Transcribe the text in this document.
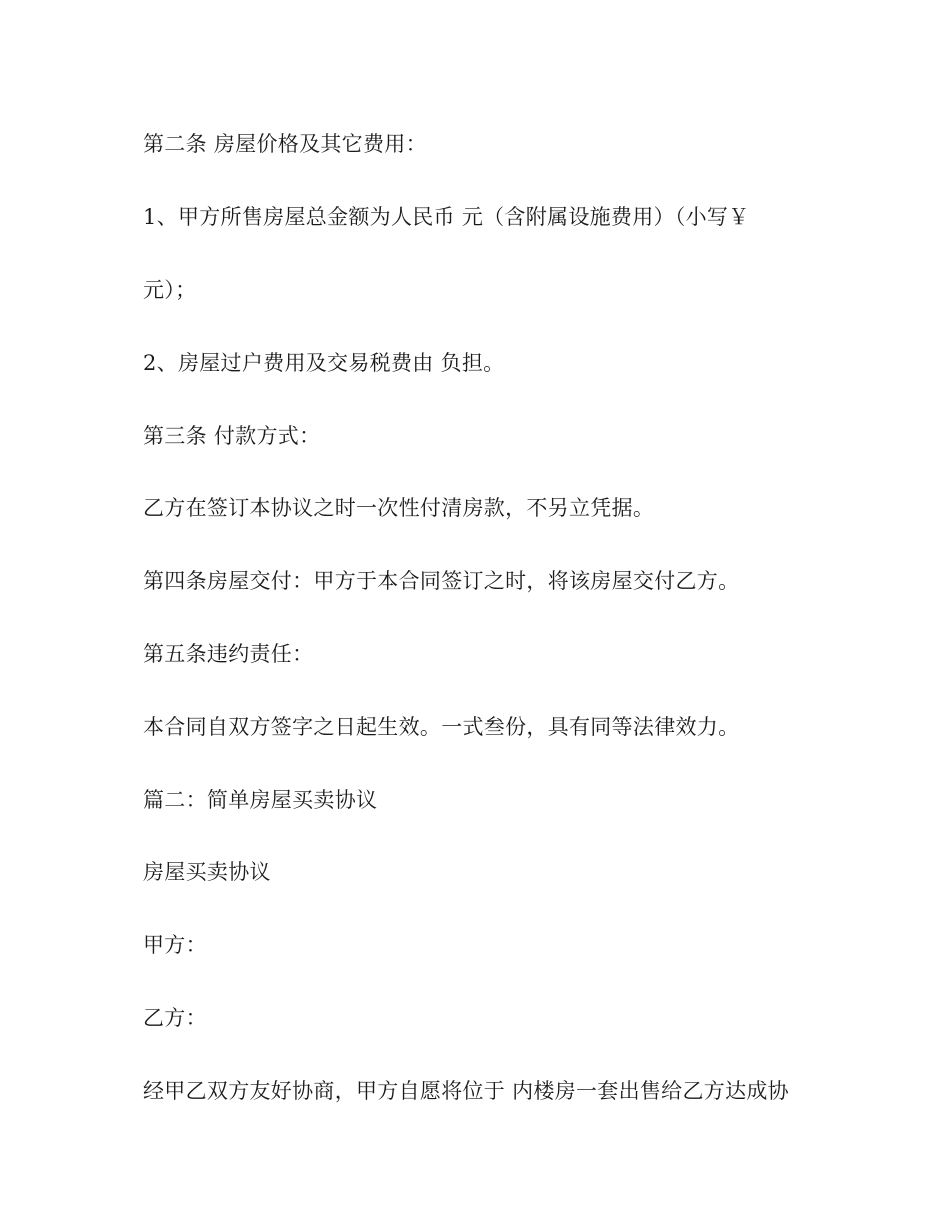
第二条 房屋价格及其它费用：
1、甲方所售房屋总金额为人民币 元（含附属设施费用）（小写￥
元）；
2、房屋过户费用及交易税费由 负担。
第三条 付款方式：
乙方在签订本协议之时一次性付清房款，不另立凭据。
第四条房屋交付：甲方于本合同签订之时，将该房屋交付乙方。
第五条违约责任：
本合同自双方签字之日起生效。一式叁份，具有同等法律效力。
篇二：简单房屋买卖协议
房屋买卖协议
甲方：
乙方：
经甲乙双方友好协商，甲方自愿将位于 内楼房一套出售给乙方达成协
